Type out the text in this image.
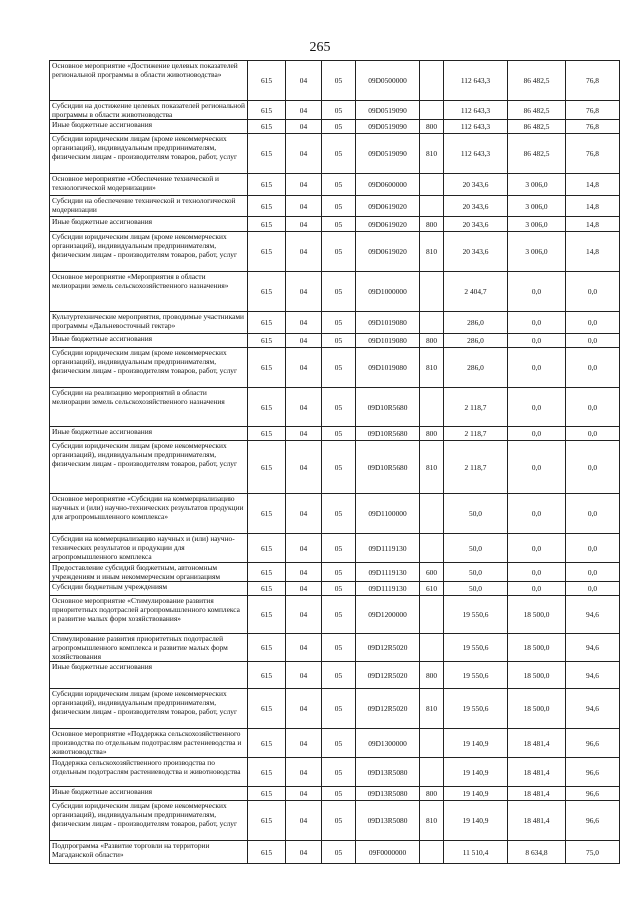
265
Основное мероприятие «Достижение целевых показателей региональной программы в области животноводства»	615	04	05	09D0500000		112 643,3	86 482,5	76,8
Субсидии на достижение целевых показателей региональной программы в области животноводства	615	04	05	09D0519090		112 643,3	86 482,5	76,8
Иные бюджетные ассигнования	615	04	05	09D0519090	800	112 643,3	86 482,5	76,8
Субсидии юридическим лицам (кроме некоммерческих организаций), индивидуальным предпринимателям, физическим лицам - производителям товаров, работ, услуг	615	04	05	09D0519090	810	112 643,3	86 482,5	76,8
Основное мероприятие «Обеспечение технической и технологической модернизации»	615	04	05	09D0600000		20 343,6	3 006,0	14,8
Субсидии на обеспечение технической и технологической модернизации	615	04	05	09D0619020		20 343,6	3 006,0	14,8
Иные бюджетные ассигнования	615	04	05	09D0619020	800	20 343,6	3 006,0	14,8
Субсидии юридическим лицам (кроме некоммерческих организаций), индивидуальным предпринимателям, физическим лицам - производителям товаров, работ, услуг	615	04	05	09D0619020	810	20 343,6	3 006,0	14,8
Основное мероприятие «Мероприятия в области мелиорации земель сельскохозяйственного назначения»	615	04	05	09D1000000		2 404,7	0,0	0,0
Культуртехнические мероприятия, проводимые участниками программы «Дальневосточный гектар»	615	04	05	09D1019080		286,0	0,0	0,0
Иные бюджетные ассигнования	615	04	05	09D1019080	800	286,0	0,0	0,0
Субсидии юридическим лицам (кроме некоммерческих организаций), индивидуальным предпринимателям, физическим лицам - производителям товаров, работ, услуг	615	04	05	09D1019080	810	286,0	0,0	0,0
Субсидии на реализацию мероприятий в области мелиорации земель сельскохозяйственного назначения	615	04	05	09D10R5680		2 118,7	0,0	0,0
Иные бюджетные ассигнования	615	04	05	09D10R5680	800	2 118,7	0,0	0,0
Субсидии юридическим лицам (кроме некоммерческих организаций), индивидуальным предпринимателям, физическим лицам - производителям товаров, работ, услуг	615	04	05	09D10R5680	810	2 118,7	0,0	0,0
Основное мероприятие «Субсидии на коммерциализацию научных и (или) научно-технических результатов продукции для агропромышленного комплекса»	615	04	05	09D1100000		50,0	0,0	0,0
Субсидии на коммерциализацию научных и (или) научно-технических результатов и продукции для агропромышленного комплекса	615	04	05	09D1119130		50,0	0,0	0,0
Предоставление субсидий бюджетным, автономным учреждениям и иным некоммерческим организациям	615	04	05	09D1119130	600	50,0	0,0	0,0
Субсидии бюджетным учреждениям	615	04	05	09D1119130	610	50,0	0,0	0,0
Основное мероприятие «Стимулирование развития приоритетных подотраслей агропромышленного комплекса и развитие малых форм хозяйствования»	615	04	05	09D1200000		19 550,6	18 500,0	94,6
Стимулирование развития приоритетных подотраслей агропромышленного комплекса и развитие малых форм хозяйствования	615	04	05	09D12R5020		19 550,6	18 500,0	94,6
Иные бюджетные ассигнования	615	04	05	09D12R5020	800	19 550,6	18 500,0	94,6
Субсидии юридическим лицам (кроме некоммерческих организаций), индивидуальным предпринимателям, физическим лицам - производителям товаров, работ, услуг	615	04	05	09D12R5020	810	19 550,6	18 500,0	94,6
Основное мероприятие «Поддержка сельскохозяйственного производства по отдельным подотраслям растениеводства и животноводства»	615	04	05	09D1300000		19 140,9	18 481,4	96,6
Поддержка сельскохозяйственного производства по отдельным подотраслям растениеводства и животноводства	615	04	05	09D13R5080		19 140,9	18 481,4	96,6
Иные бюджетные ассигнования	615	04	05	09D13R5080	800	19 140,9	18 481,4	96,6
Субсидии юридическим лицам (кроме некоммерческих организаций), индивидуальным предпринимателям, физическим лицам - производителям товаров, работ, услуг	615	04	05	09D13R5080	810	19 140,9	18 481,4	96,6
Подпрограмма «Развитие торговли на территории Магаданской области»	615	04	05	09F0000000		11 510,4	8 634,8	75,0
